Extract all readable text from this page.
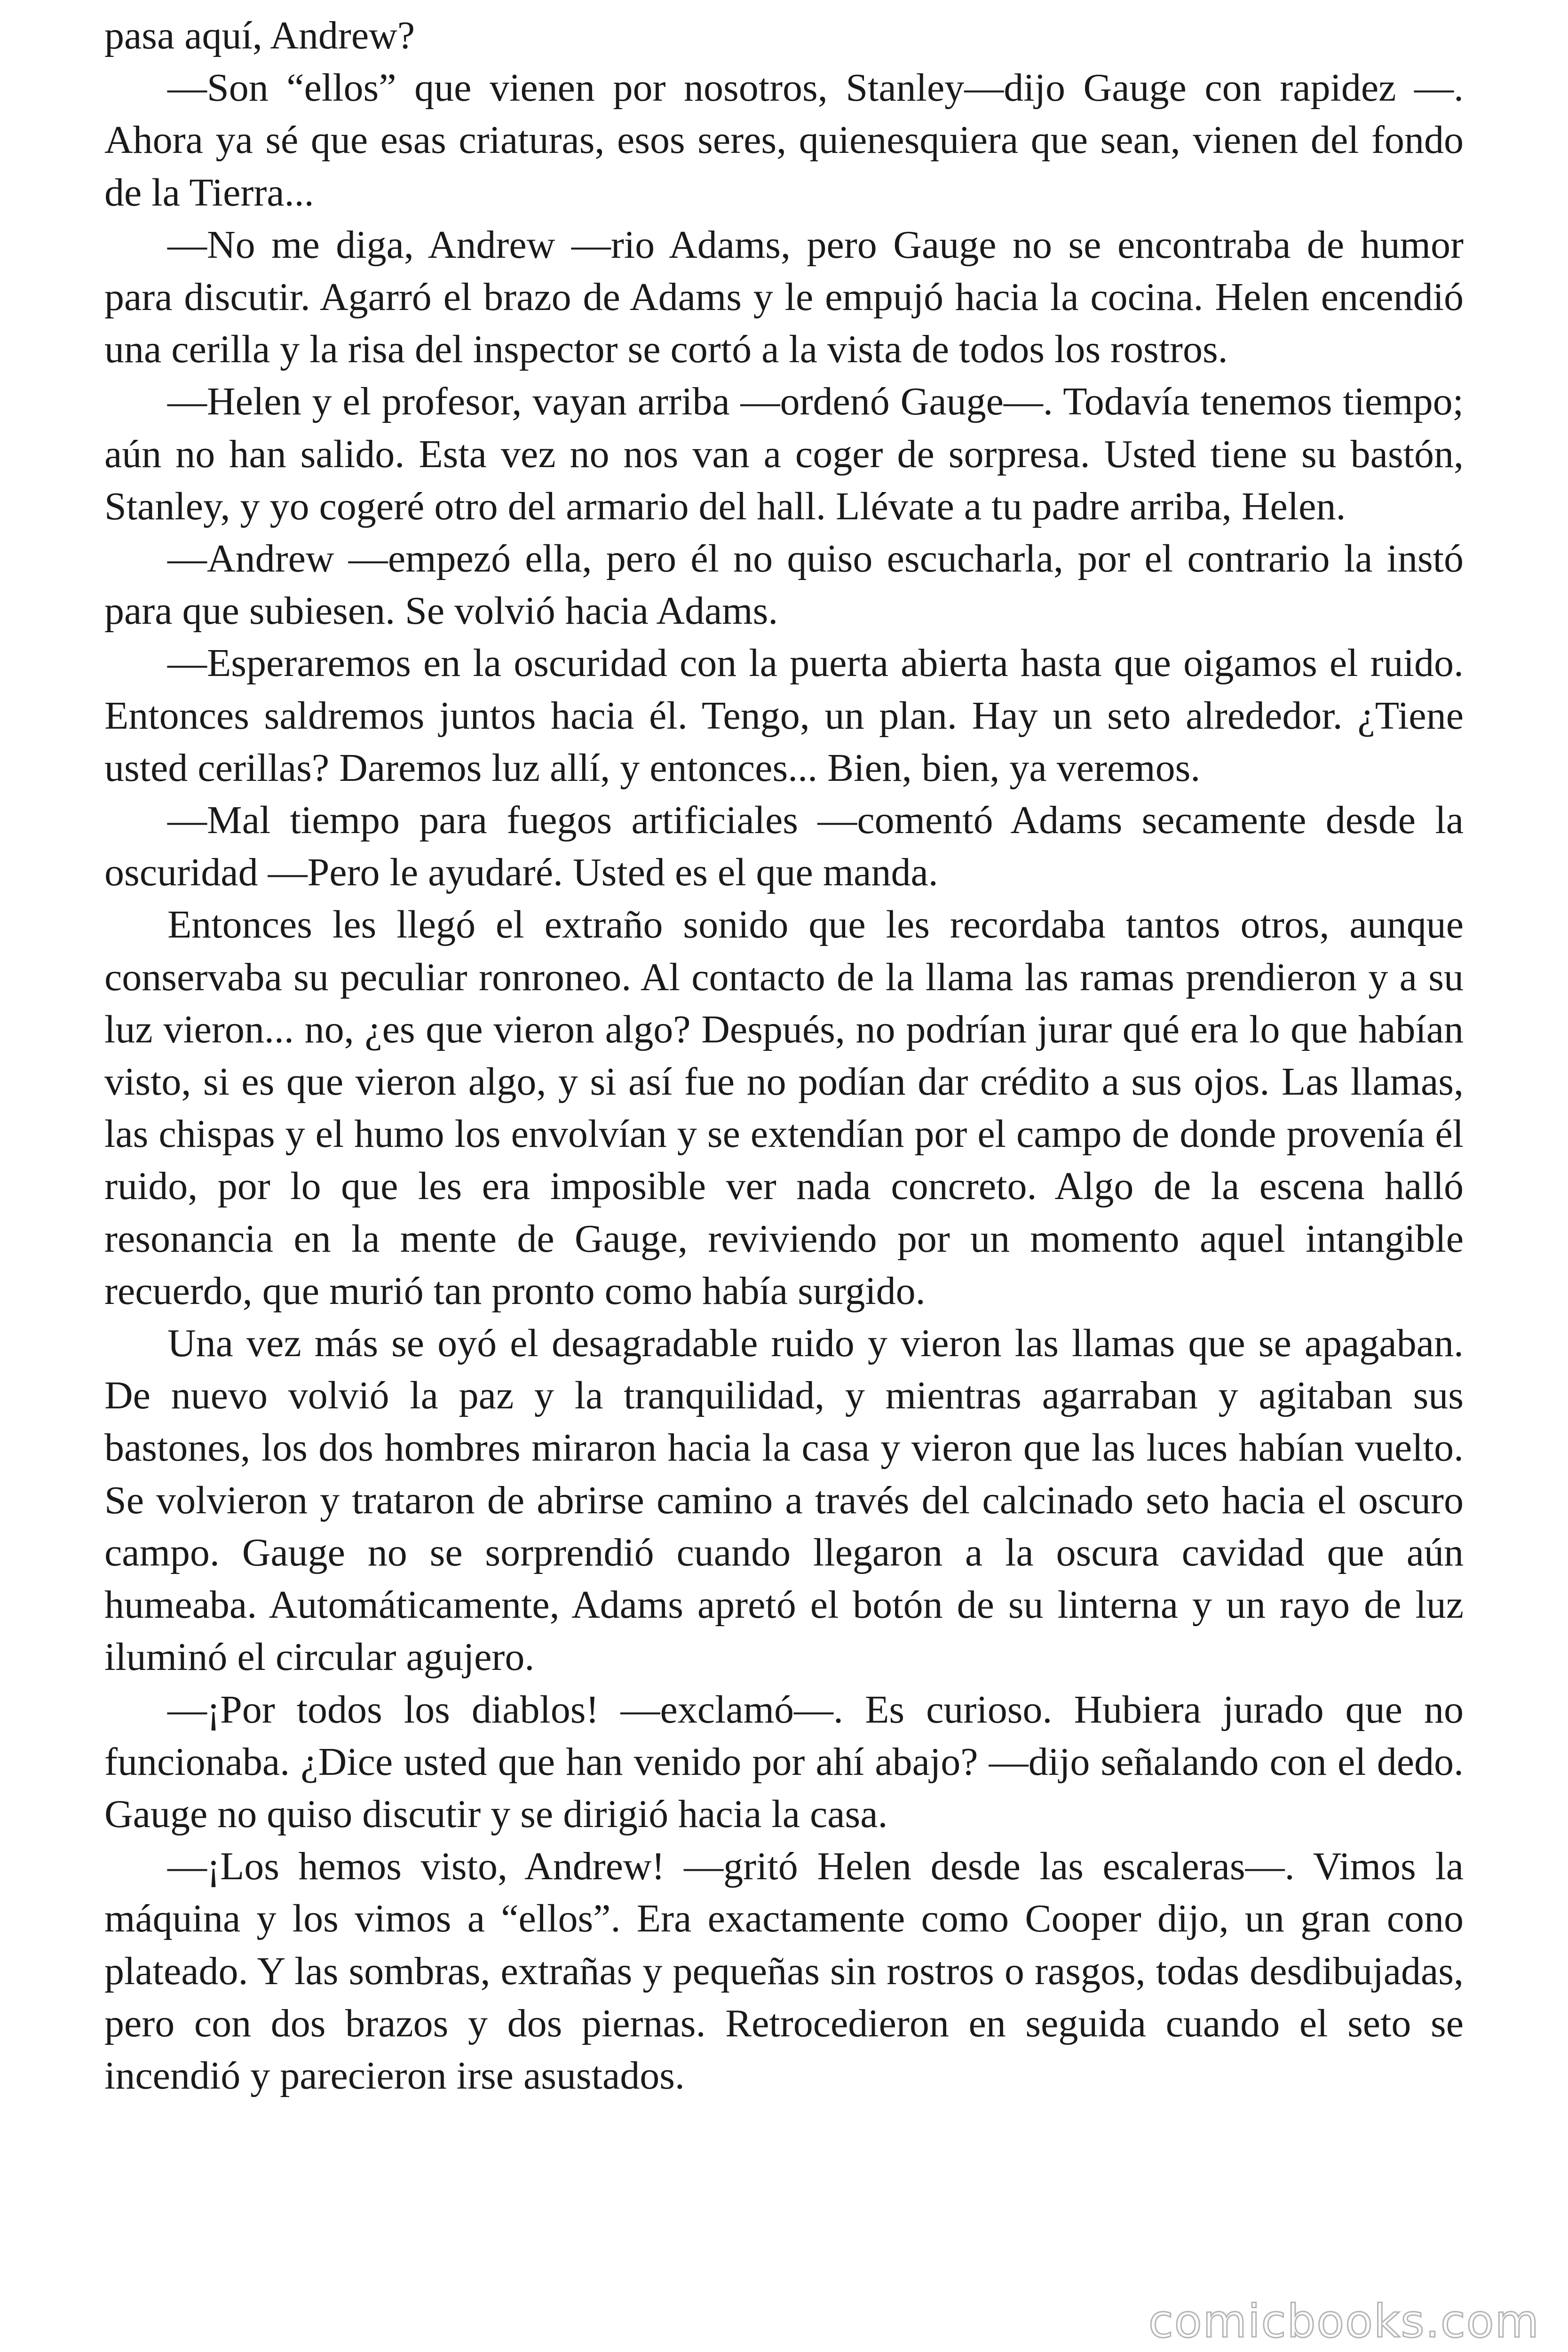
pasa aquí, Andrew?

—Son “ellos” que vienen por nosotros, Stanley—dijo Gauge con rapidez —. Ahora ya sé que esas criaturas, esos seres, quienesquiera que sean, vienen del fondo de la Tierra...

—No me diga, Andrew —rio Adams, pero Gauge no se encontraba de humor para discutir. Agarró el brazo de Adams y le empujó hacia la cocina. Helen encendió una cerilla y la risa del inspector se cortó a la vista de todos los rostros.

—Helen y el profesor, vayan arriba —ordenó Gauge—. Todavía tenemos tiempo; aún no han salido. Esta vez no nos van a coger de sorpresa. Usted tiene su bastón, Stanley, y yo cogeré otro del armario del hall. Llévate a tu padre arriba, Helen.

—Andrew —empezó ella, pero él no quiso escucharla, por el contrario la instó para que subiesen. Se volvió hacia Adams.

—Esperaremos en la oscuridad con la puerta abierta hasta que oigamos el ruido. Entonces saldremos juntos hacia él. Tengo, un plan. Hay un seto alrededor. ¿Tiene usted cerillas? Daremos luz allí, y entonces... Bien, bien, ya veremos.

—Mal tiempo para fuegos artificiales —comentó Adams secamente desde la oscuridad —Pero le ayudaré. Usted es el que manda.

Entonces les llegó el extraño sonido que les recordaba tantos otros, aunque conservaba su peculiar ronroneo. Al contacto de la llama las ramas prendieron y a su luz vieron... no, ¿es que vieron algo? Después, no podrían jurar qué era lo que habían visto, si es que vieron algo, y si así fue no podían dar crédito a sus ojos. Las llamas, las chispas y el humo los envolvían y se extendían por el campo de donde provenía él ruido, por lo que les era imposible ver nada concreto. Algo de la escena halló resonancia en la mente de Gauge, reviviendo por un momento aquel intangible recuerdo, que murió tan pronto como había surgido.

Una vez más se oyó el desagradable ruido y vieron las llamas que se apagaban. De nuevo volvió la paz y la tranquilidad, y mientras agarraban y agitaban sus bastones, los dos hombres miraron hacia la casa y vieron que las luces habían vuelto. Se volvieron y trataron de abrirse camino a través del calcinado seto hacia el oscuro campo. Gauge no se sorprendió cuando llegaron a la oscura cavidad que aún humeaba. Automáticamente, Adams apretó el botón de su linterna y un rayo de luz iluminó el circular agujero.

—¡Por todos los diablos! —exclamó—. Es curioso. Hubiera jurado que no funcionaba. ¿Dice usted que han venido por ahí abajo? —dijo señalando con el dedo. Gauge no quiso discutir y se dirigió hacia la casa.

—¡Los hemos visto, Andrew! —gritó Helen desde las escaleras—. Vimos la máquina y los vimos a “ellos”. Era exactamente como Cooper dijo, un gran cono plateado. Y las sombras, extrañas y pequeñas sin rostros o rasgos, todas desdibujadas, pero con dos brazos y dos piernas. Retrocedieron en seguida cuando el seto se incendió y parecieron irse asustados.

comicbooks.com
